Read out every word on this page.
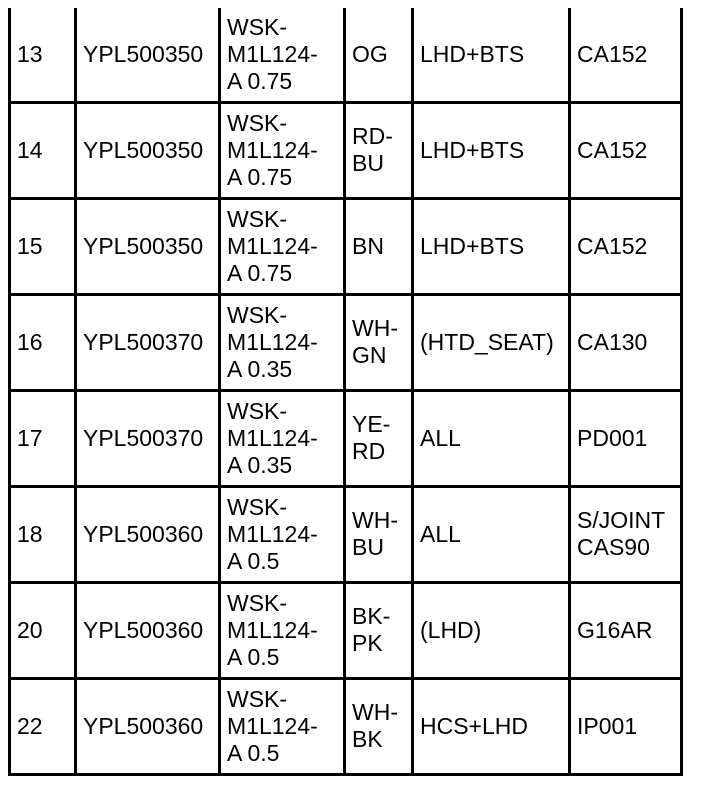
13	YPL500350	WSK-
M1L124-
A 0.75	OG	LHD+BTS	CA152

14	YPL500350	WSK-
M1L124-
A 0.75	RD-
BU	LHD+BTS	CA152

15	YPL500350	WSK-
M1L124-
A 0.75	BN	LHD+BTS	CA152

16	YPL500370	WSK-
M1L124-
A 0.35	WH-
GN	(HTD_SEAT)	CA130

17	YPL500370	WSK-
M1L124-
A 0.35	YE-
RD	ALL	PD001

18	YPL500360	WSK-
M1L124-
A 0.5	WH-
BU	ALL	S/JOINT
CAS90

20	YPL500360	WSK-
M1L124-
A 0.5	BK-
PK	(LHD)	G16AR

22	YPL500360	WSK-
M1L124-
A 0.5	WH-
BK	HCS+LHD	IP001
